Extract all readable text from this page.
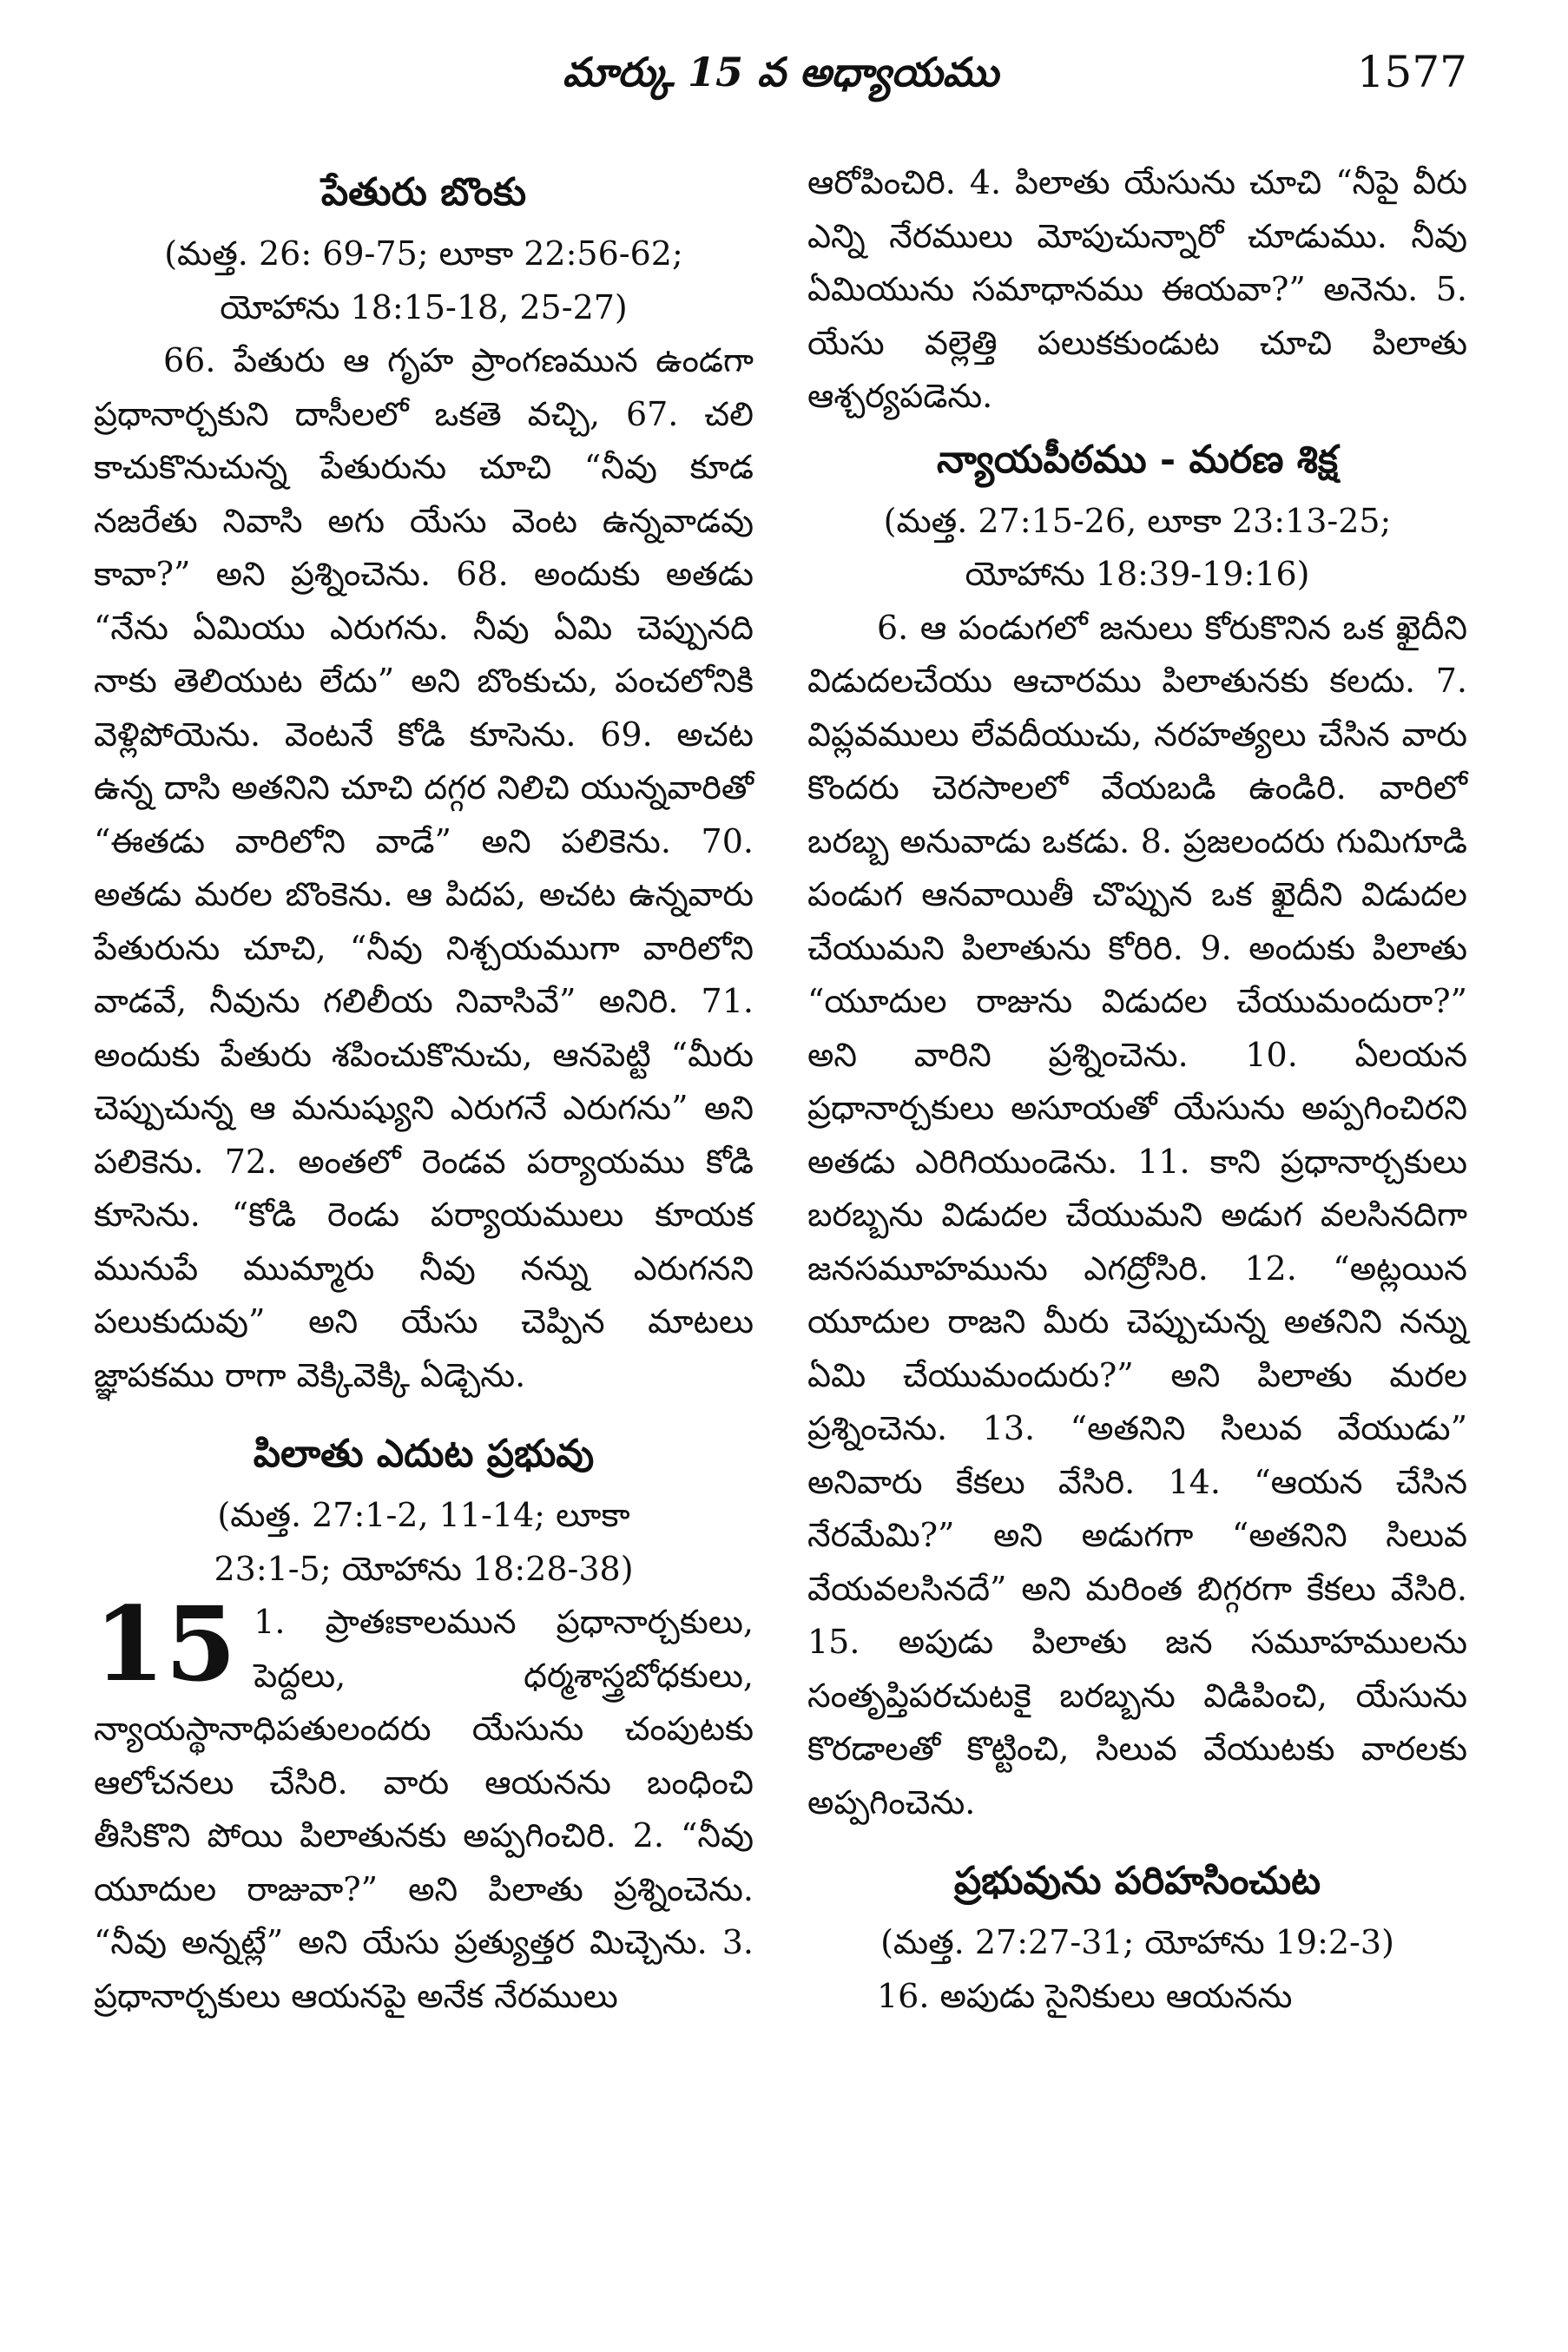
మార్కు 15 వ అధ్యాయము	1577
పేతురు బొంకు

(మత్త. 26: 69-75; లూకా 22:56-62;

యోహాను 18:15-18, 25-27)

66. పేతురు ఆ గృహ ప్రాంగణమున ఉండగా ప్రధానార్చకుని దాసీలలో ఒకతె వచ్చి, 67. చలి కాచుకొనుచున్న పేతురును చూచి “నీవు కూడ నజరేతు నివాసి అగు యేసు వెంట ఉన్నవాడవు కావా?” అని ప్రశ్నించెను. 68. అందుకు అతడు “నేను ఏమియు ఎరుగను. నీవు ఏమి చెప్పునది నాకు తెలియుట లేదు” అని బొంకుచు, పంచలోనికి వెళ్లిపోయెను. వెంటనే కోడి కూసెను. 69. అచట ఉన్న దాసి అతనిని చూచి దగ్గర నిలిచి యున్నవారితో “ఈతడు వారిలోని వాడే” అని పలికెను. 70. అతడు మరల బొంకెను. ఆ పిదప, అచట ఉన్నవారు పేతురును చూచి, “నీవు నిశ్చయముగా వారిలోని వాడవే, నీవును గలిలీయ నివాసివే” అనిరి. 71. అందుకు పేతురు శపించుకొనుచు, ఆనపెట్టి “మీరు చెప్పుచున్న ఆ మనుష్యుని ఎరుగనే ఎరుగను” అని పలికెను. 72. అంతలో రెండవ పర్యాయము కోడి కూసెను. “కోడి రెండు పర్యాయములు కూయక మునుపే ముమ్మారు నీవు నన్ను ఎరుగనని పలుకుదువు” అని యేసు చెప్పిన మాటలు జ్ఞాపకము రాగా వెక్కివెక్కి ఏడ్చెను.

పిలాతు ఎదుట ప్రభువు

(మత్త. 27:1-2, 11-14; లూకా

23:1-5; యోహాను 18:28-38)

15 1. ప్రాతఃకాలమున ప్రధానార్చకులు, పెద్దలు, ధర్మశాస్త్రబోధకులు, న్యాయస్థానాధిపతులందరు యేసును చంపుటకు ఆలోచనలు చేసిరి. వారు ఆయనను బంధించి తీసికొని పోయి పిలాతునకు అప్పగించిరి. 2. “నీవు యూదుల రాజువా?” అని పిలాతు ప్రశ్నించెను. “నీవు అన్నట్లే” అని యేసు ప్రత్యుత్తర మిచ్చెను. 3. ప్రధానార్చకులు ఆయనపై అనేక నేరములు

ఆరోపించిరి. 4. పిలాతు యేసును చూచి “నీపై వీరు ఎన్ని నేరములు మోపుచున్నారో చూడుము. నీవు ఏమియును సమాధానము ఈయవా?” అనెను. 5. యేసు వల్లెత్తి పలుకకుండుట చూచి పిలాతు ఆశ్చర్యపడెను.

న్యాయపీఠము - మరణ శిక్ష

(మత్త. 27:15-26, లూకా 23:13-25;

యోహాను 18:39-19:16)

6. ఆ పండుగలో జనులు కోరుకొనిన ఒక ఖైదీని విడుదలచేయు ఆచారము పిలాతునకు కలదు. 7. విప్లవములు లేవదీయుచు, నరహత్యలు చేసిన వారు కొందరు చెరసాలలో వేయబడి ఉండిరి. వారిలో బరబ్బ అనువాడు ఒకడు. 8. ప్రజలందరు గుమిగూడి పండుగ ఆనవాయితీ చొప్పున ఒక ఖైదీని విడుదల చేయుమని పిలాతును కోరిరి. 9. అందుకు పిలాతు “యూదుల రాజును విడుదల చేయుమందురా?” అని వారిని ప్రశ్నించెను. 10. ఏలయన ప్రధానార్చకులు అసూయతో యేసును అప్పగించిరని అతడు ఎరిగియుండెను. 11. కాని ప్రధానార్చకులు బరబ్బను విడుదల చేయుమని అడుగ వలసినదిగా జనసమూహమును ఎగద్రోసిరి. 12. “అట్లయిన యూదుల రాజని మీరు చెప్పుచున్న అతనిని నన్ను ఏమి చేయుమందురు?” అని పిలాతు మరల ప్రశ్నించెను. 13. “అతనిని సిలువ వేయుడు” అనివారు కేకలు వేసిరి. 14. “ఆయన చేసిన నేరమేమి?” అని అడుగగా “అతనిని సిలువ వేయవలసినదే” అని మరింత బిగ్గరగా కేకలు వేసిరి. 15. అపుడు పిలాతు జన సమూహములను సంతృప్తిపరచుటకై బరబ్బను విడిపించి, యేసును కొరడాలతో కొట్టించి, సిలువ వేయుటకు వారలకు అప్పగించెను.

ప్రభువును పరిహసించుట

(మత్త. 27:27-31; యోహాను 19:2-3)

16. అపుడు సైనికులు ఆయనను
